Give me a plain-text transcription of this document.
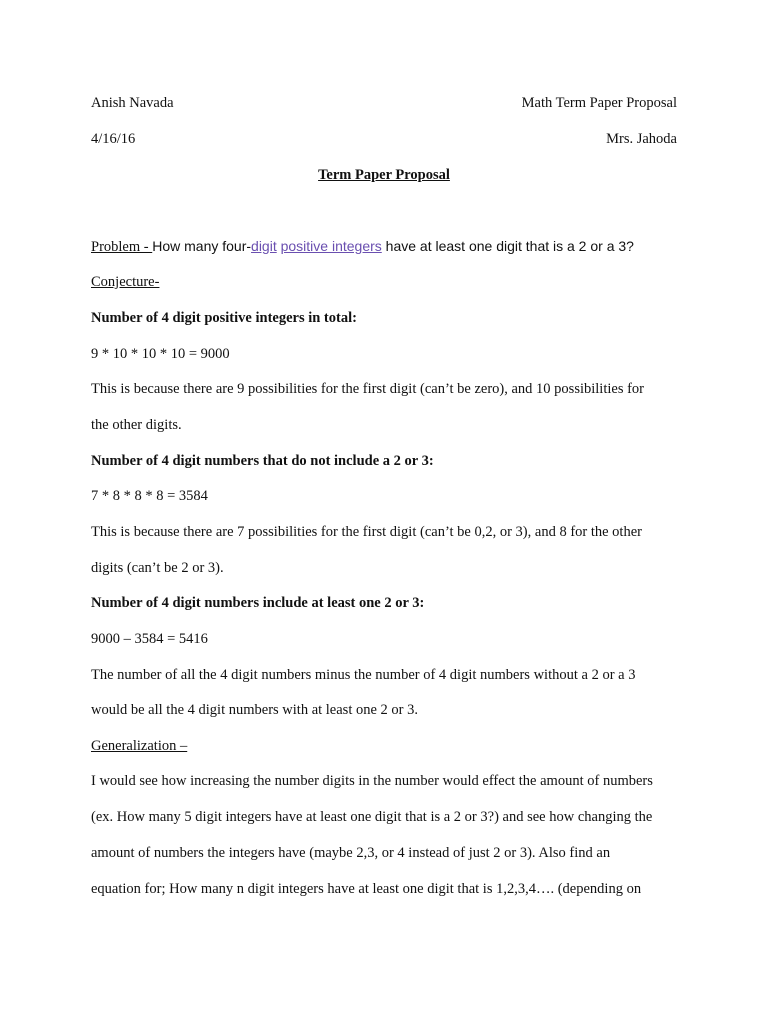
Anish Navada	Math Term Paper Proposal
4/16/16	Mrs. Jahoda
Term Paper Proposal
Problem - How many four-digit positive integers have at least one digit that is a 2 or a 3?
Conjecture-
Number of 4 digit positive integers in total:
9 * 10 * 10 * 10 = 9000
This is because there are 9 possibilities for the first digit (can’t be zero), and 10 possibilities for
the other digits.
Number of 4 digit numbers that do not include a 2 or 3:
7 * 8 * 8 * 8 = 3584
This is because there are 7 possibilities for the first digit (can’t be 0,2, or 3), and 8 for the other
digits (can’t be 2 or 3).
Number of 4 digit numbers include at least one 2 or 3:
9000 – 3584 = 5416
The number of all the 4 digit numbers minus the number of 4 digit numbers without a 2 or a 3
would be all the 4 digit numbers with at least one 2 or 3.
Generalization –
I would see how increasing the number digits in the number would effect the amount of numbers
(ex. How many 5 digit integers have at least one digit that is a 2 or 3?) and see how changing the
amount of numbers the integers have (maybe 2,3, or 4 instead of just 2 or 3). Also find an
equation for; How many n digit integers have at least one digit that is 1,2,3,4…. (depending on
